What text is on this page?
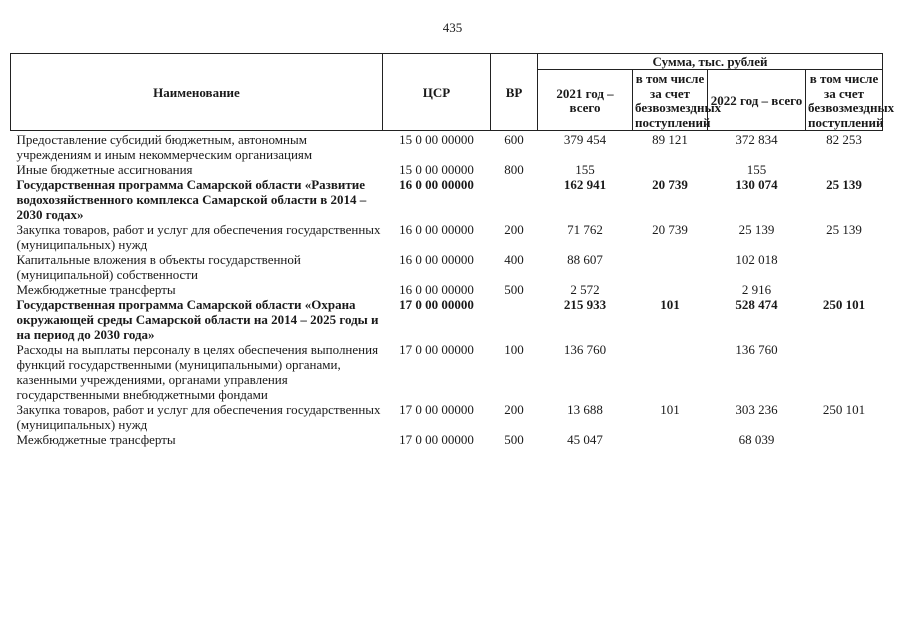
435
Наименование	ЦСР	ВР	Сумма, тыс. рублей			
			2021 год – всего	в том числе за счет безвозмездных поступлений	2022 год – всего	в том числе за счет безвозмездных поступлений
Предоставление субсидий бюджетным, автономным учреждениям и иным некоммерческим организациям	15 0 00 00000	600	379 454	89 121	372 834	82 253
Иные бюджетные ассигнования	15 0 00 00000	800	155		155	
Государственная программа Самарской области «Развитие водохозяйственного комплекса Самарской области в 2014 – 2030 годах»	16 0 00 00000		162 941	20 739	130 074	25 139
Закупка товаров, работ и услуг для обеспечения государственных (муниципальных) нужд	16 0 00 00000	200	71 762	20 739	25 139	25 139
Капитальные вложения в объекты государственной (муниципальной) собственности	16 0 00 00000	400	88 607		102 018	
Межбюджетные трансферты	16 0 00 00000	500	2 572		2 916	
Государственная программа Самарской области «Охрана окружающей среды Самарской области на 2014 – 2025 годы и на период до 2030 года»	17 0 00 00000		215 933	101	528 474	250 101
Расходы на выплаты персоналу в целях обеспечения выполнения функций государственными (муниципальными) органами, казенными учреждениями, органами управления государственными внебюджетными фондами	17 0 00 00000	100	136 760		136 760	
Закупка товаров, работ и услуг для обеспечения государственных (муниципальных) нужд	17 0 00 00000	200	13 688	101	303 236	250 101
Межбюджетные трансферты	17 0 00 00000	500	45 047		68 039	
